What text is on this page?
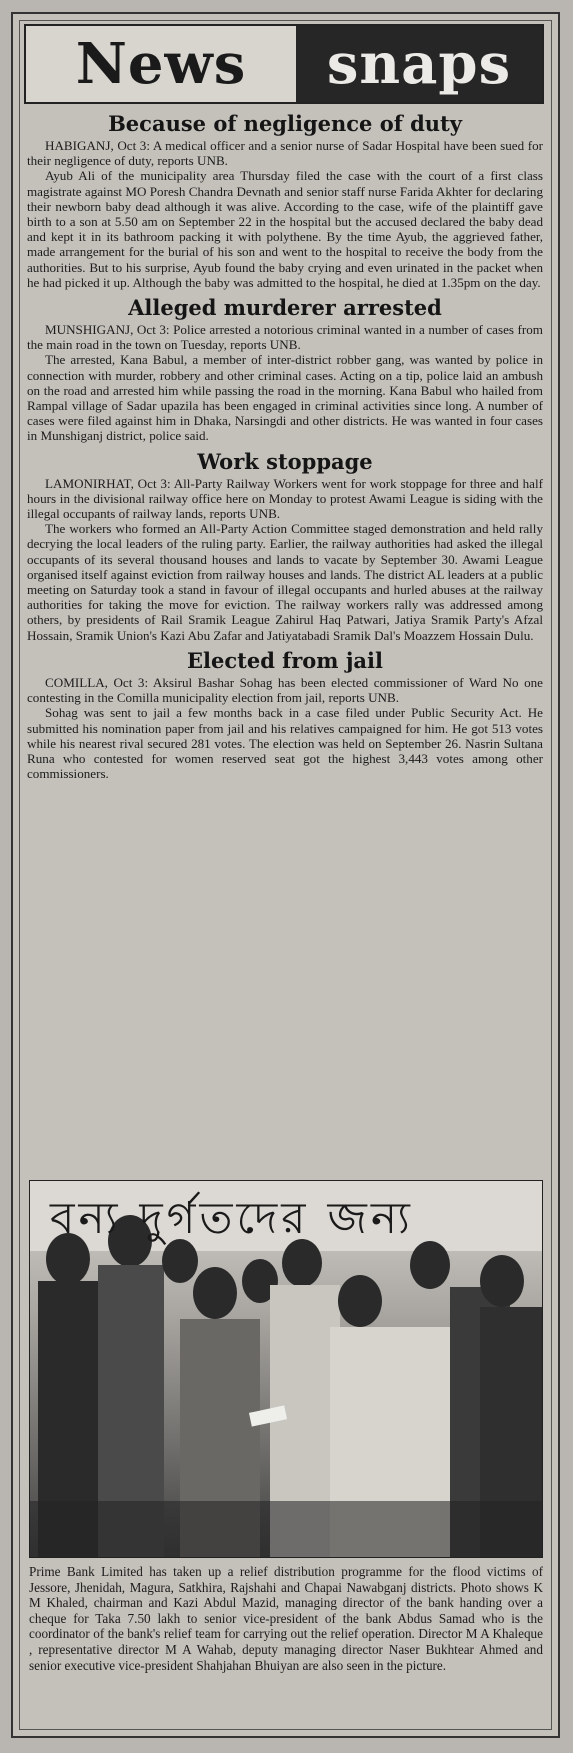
News	snaps
Because of negligence of duty

HABIGANJ, Oct 3: A medical officer and a senior nurse of Sadar Hospital have been sued for their negligence of duty, reports UNB.

Ayub Ali of the municipality area Thursday filed the case with the court of a first class magistrate against MO Poresh Chandra Devnath and senior staff nurse Farida Akhter for declaring their newborn baby dead although it was alive. According to the case, wife of the plaintiff gave birth to a son at 5.50 am on September 22 in the hospital but the accused declared the baby dead and kept it in its bathroom packing it with polythene. By the time Ayub, the aggrieved father, made arrangement for the burial of his son and went to the hospital to receive the body from the authorities. But to his surprise, Ayub found the baby crying and even urinated in the packet when he had picked it up. Although the baby was admitted to the hospital, he died at 1.35pm on the day.

Alleged murderer arrested

MUNSHIGANJ, Oct 3: Police arrested a notorious criminal wanted in a number of cases from the main road in the town on Tuesday, reports UNB.

The arrested, Kana Babul, a member of inter-district robber gang, was wanted by police in connection with murder, robbery and other criminal cases. Acting on a tip, police laid an ambush on the road and arrested him while passing the road in the morning. Kana Babul who hailed from Rampal village of Sadar upazila has been engaged in criminal activities since long. A number of cases were filed against him in Dhaka, Narsingdi and other districts. He was wanted in four cases in Munshiganj district, police said.

Work stoppage

LAMONIRHAT, Oct 3: All-Party Railway Workers went for work stoppage for three and half hours in the divisional railway office here on Monday to protest Awami League is siding with the illegal occupants of railway lands, reports UNB.

The workers who formed an All-Party Action Committee staged demonstration and held rally decrying the local leaders of the ruling party. Earlier, the railway authorities had asked the illegal occupants of its several thousand houses and lands to vacate by September 30. Awami League organised itself against eviction from railway houses and lands. The district AL leaders at a public meeting on Saturday took a stand in favour of illegal occupants and hurled abuses at the railway authorities for taking the move for eviction. The railway workers rally was addressed among others, by presidents of Rail Sramik League Zahirul Haq Patwari, Jatiya Sramik Party's Afzal Hossain, Sramik Union's Kazi Abu Zafar and Jatiyatabadi Sramik Dal's Moazzem Hossain Dulu.

Elected from jail

COMILLA, Oct 3: Aksirul Bashar Sohag has been elected commissioner of Ward No one contesting in the Comilla municipality election from jail, reports UNB.

Sohag was sent to jail a few months back in a case filed under Public Security Act. He submitted his nomination paper from jail and his relatives campaigned for him. He got 513 votes while his nearest rival secured 281 votes. The election was held on September 26. Nasrin Sultana Runa who contested for women reserved seat got the highest 3,443 votes among other commissioners.

বন্য দুর্গতদের জন্য
Prime Bank Limited has taken up a relief distribution programme for the flood victims of Jessore, Jhenidah, Magura, Satkhira, Rajshahi and Chapai Nawabganj districts. Photo shows K M Khaled, chairman and Kazi Abdul Mazid, managing director of the bank handing over a cheque for Taka 7.50 lakh to senior vice-president of the bank Abdus Samad who is the coordinator of the bank's relief team for carrying out the relief operation. Director M A Khaleque , representative director M A Wahab, deputy managing director Naser Bukhtear Ahmed and senior executive vice-president Shahjahan Bhuiyan are also seen in the picture.
